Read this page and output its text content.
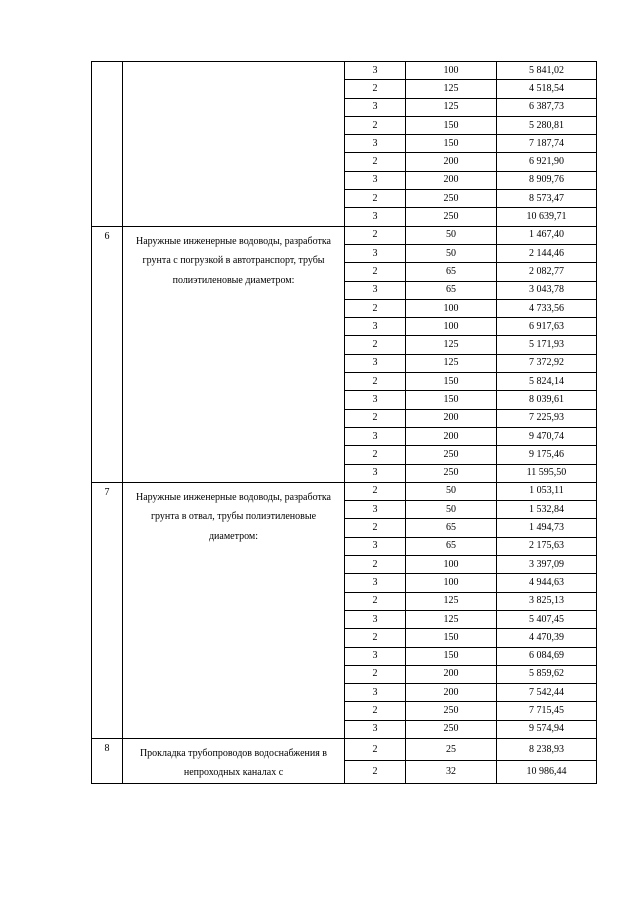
		3	100	5 841,02
		2	125	4 518,54
		3	125	6 387,73
		2	150	5 280,81
		3	150	7 187,74
		2	200	6 921,90
		3	200	8 909,76
		2	250	8 573,47
		3	250	10 639,71
6	Наружные инженерные водоводы, разработка грунта с погрузкой в автотранспорт, трубы полиэтиленовые диаметром:	2	50	1 467,40
		3	50	2 144,46
		2	65	2 082,77
		3	65	3 043,78
		2	100	4 733,56
		3	100	6 917,63
		2	125	5 171,93
		3	125	7 372,92
		2	150	5 824,14
		3	150	8 039,61
		2	200	7 225,93
		3	200	9 470,74
		2	250	9 175,46
		3	250	11 595,50
7	Наружные инженерные водоводы, разработка грунта в отвал, трубы полиэтиленовые диаметром:	2	50	1 053,11
		3	50	1 532,84
		2	65	1 494,73
		3	65	2 175,63
		2	100	3 397,09
		3	100	4 944,63
		2	125	3 825,13
		3	125	5 407,45
		2	150	4 470,39
		3	150	6 084,69
		2	200	5 859,62
		3	200	7 542,44
		2	250	7 715,45
		3	250	9 574,94
8	Прокладка трубопроводов водоснабжения в непроходных каналах с	2	25	8 238,93
		2	32	10 986,44
